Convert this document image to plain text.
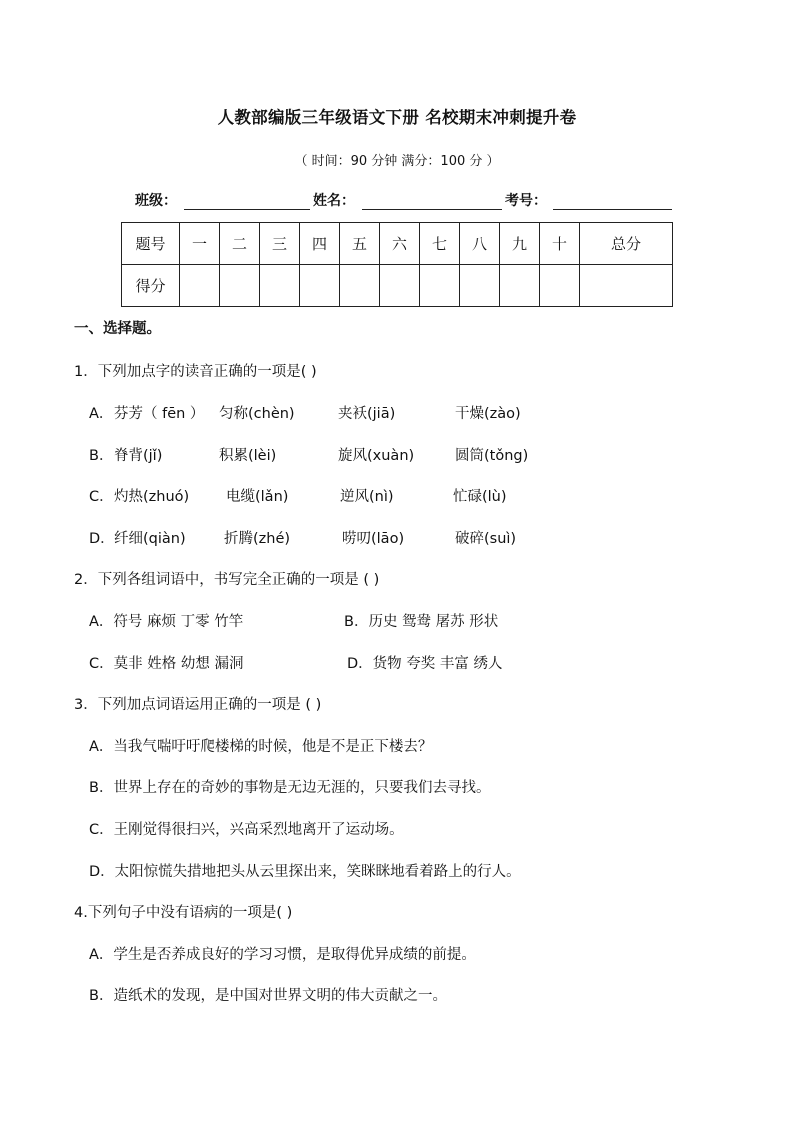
人教部编版三年级语文下册 名校期末冲刺提升卷
（ 时间：90 分钟 满分：100 分 ）
班级：	姓名：	考号：
题号	一	二	三	四	五	六	七	八	九	十	总分
得分											
一、选择题。
1．下列加点字的读音正确的一项是( )
A． 芬芳（ fēn ） 匀称(chèn)	夹袄(jiā)	干燥(zào)
B． 脊背(jǐ)	积累(lèi)	旋风(xuàn)	圆筒(tǒng)
C． 灼热(zhuó)	电缆(lǎn)	逆风(nì)	忙碌(lù)
D． 纤细(qiàn)	折腾(zhé)	唠叨(lāo)	破碎(suì)
2．下列各组词语中，书写完全正确的一项是 ( )
A．符号 麻烦 丁零 竹竿	B．历史 鸳鸯 屠苏 形状
C．莫非 姓格 幼想 漏洞	D．货物 夸奖 丰富 绣人
3．下列加点词语运用正确的一项是 ( )
A．当我气喘吁吁爬楼梯的时候，他是不是正下楼去？
B．世界上存在的奇妙的事物是无边无涯的，只要我们去寻找。
C．王刚觉得很扫兴，兴高采烈地离开了运动场。
D．太阳惊慌失措地把头从云里探出来，笑眯眯地看着路上的行人。
4.下列句子中没有语病的一项是( )
A．学生是否养成良好的学习习惯，是取得优异成绩的前提。
B．造纸术的发现，是中国对世界文明的伟大贡献之一。
